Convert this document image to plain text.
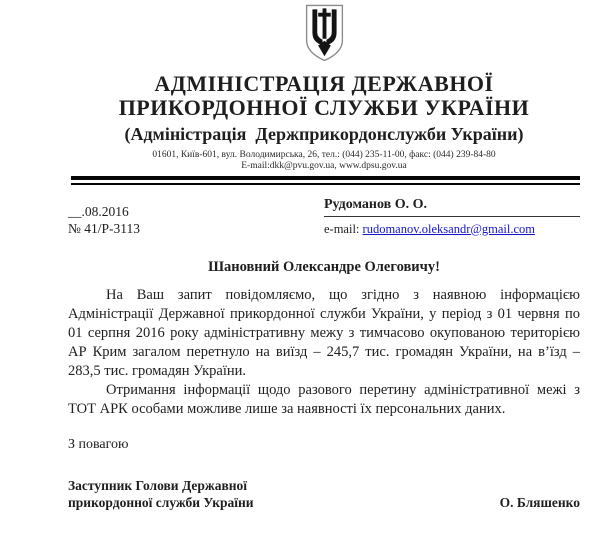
АДМІНІСТРАЦІЯ ДЕРЖАВНОЇ
ПРИКОРДОННОЇ СЛУЖБИ УКРАЇНИ
(Адміністрація  Держприкордонслужби України)
01601, Київ-601, вул. Володимирська, 26, тел.: (044) 235-11-00, факс: (044) 239-84-80
E-mail:dkk@pvu.gov.ua, www.dpsu.gov.ua
__.08.2016
№ 41/Р-3113
Рудоманов О. О.
e-mail: rudomanov.oleksandr@gmail.com
Шановний Олександре Олеговичу!

На Ваш запит повідомляємо, що згідно з наявною інформацією Адміністрації Державної прикордонної служби України, у період з 01 червня по 01 серпня 2016 року адміністративну межу з тимчасово окупованою територією АР Крим загалом перетнуло на виїзд – 245,7 тис. громадян України, на в’їзд – 283,5 тис. громадян України.

Отримання інформації щодо разового перетину адміністративної межі з ТОТ АРК особами можливе лише за наявності їх персональних даних.

З повагою
Заступник Голови Державної
прикордонної служби України	О. Бляшенко
